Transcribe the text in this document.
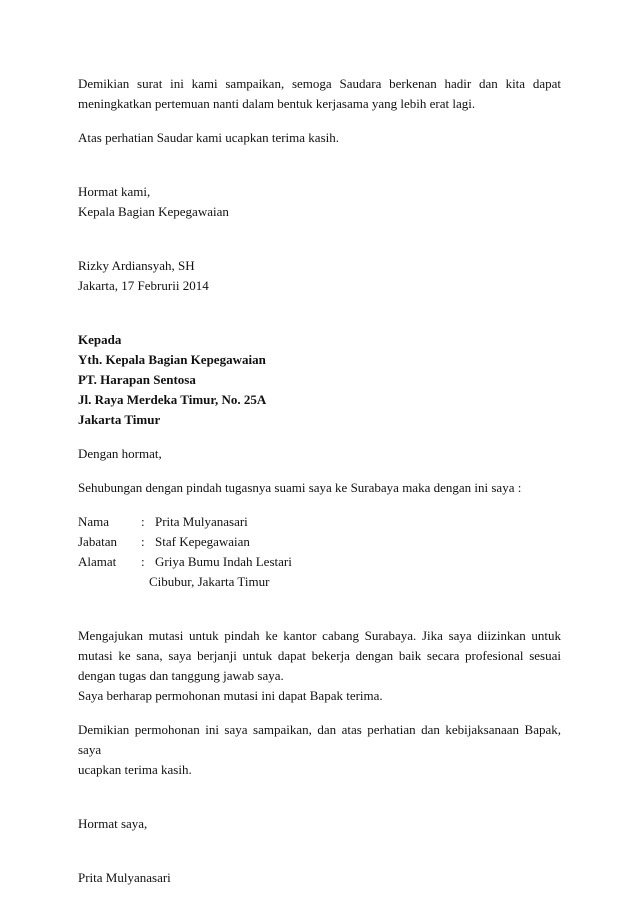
Demikian surat ini kami sampaikan, semoga Saudara berkenan hadir dan kita dapat
meningkatkan pertemuan nanti dalam bentuk kerjasama yang lebih erat lagi.

Atas perhatian Saudar kami ucapkan terima kasih.

Hormat kami,

Kepala Bagian Kepegawaian

Rizky Ardiansyah, SH

Jakarta, 17 Februrii 2014

Kepada

Yth. Kepala Bagian Kepegawaian

PT. Harapan Sentosa

Jl. Raya Merdeka Timur, No. 25A

Jakarta Timur

Dengan hormat,

Sehubungan dengan pindah tugasnya suami saya ke Surabaya maka dengan ini saya :

Nama	: Prita Mulyanasari
Jabatan	: Staf Kepegawaian
Alamat	: Griya Bumu Indah Lestari
Cibubur, Jakarta Timur

Mengajukan mutasi untuk pindah ke kantor cabang Surabaya. Jika saya diizinkan untuk
mutasi ke sana, saya berjanji untuk dapat bekerja dengan baik secara profesional sesuai
dengan tugas dan tanggung jawab saya.
Saya berharap permohonan mutasi ini dapat Bapak terima.

Demikian permohonan ini saya sampaikan, dan atas perhatian dan kebijaksanaan Bapak, saya
ucapkan terima kasih.

Hormat saya,

Prita Mulyanasari
